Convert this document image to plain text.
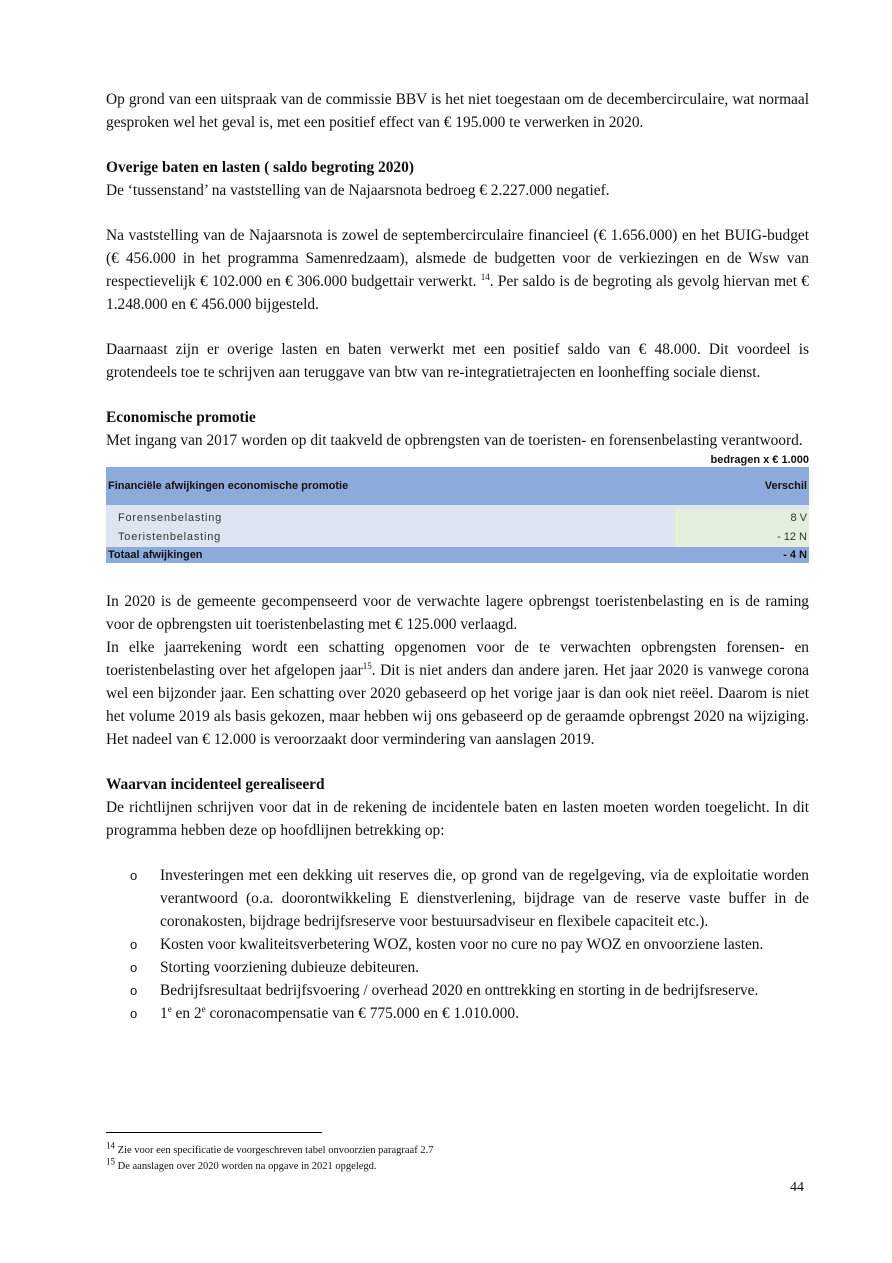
Op grond van een uitspraak van de commissie BBV is het niet toegestaan om de decembercirculaire, wat normaal gesproken wel het geval is, met een positief effect van € 195.000 te verwerken in 2020.

Overige baten en lasten ( saldo begroting 2020)

De ‘tussenstand’ na vaststelling van de Najaarsnota bedroeg € 2.227.000 negatief.

Na vaststelling van de Najaarsnota is zowel de septembercirculaire financieel (€ 1.656.000) en het BUIG-budget (€ 456.000 in het programma Samenredzaam), alsmede de budgetten voor de verkiezingen en de Wsw van respectievelijk € 102.000 en € 306.000 budgettair verwerkt. $^{14}$. Per saldo is de begroting als gevolg hiervan met € 1.248.000 en € 456.000 bijgesteld.

Daarnaast zijn er overige lasten en baten verwerkt met een positief saldo van € 48.000. Dit voordeel is grotendeels toe te schrijven aan teruggave van btw van re-integratietrajecten en loonheffing sociale dienst.

Economische promotie

Met ingang van 2017 worden op dit taakveld de opbrengsten van de toeristen- en forensenbelasting verantwoord.

bedragen x € 1.000
Financiële afwijkingen economische promotie	Verschil

Forensenbelasting	8 V
Toeristenbelasting	- 12 N
Totaal afwijkingen	- 4 N

In 2020 is de gemeente gecompenseerd voor de verwachte lagere opbrengst toeristenbelasting en is de raming voor de opbrengsten uit toeristenbelasting met € 125.000 verlaagd.

In elke jaarrekening wordt een schatting opgenomen voor de te verwachten opbrengsten forensen- en toeristenbelasting over het afgelopen jaar$^{15}$. Dit is niet anders dan andere jaren. Het jaar 2020 is vanwege corona wel een bijzonder jaar. Een schatting over 2020 gebaseerd op het vorige jaar is dan ook niet reëel. Daarom is niet het volume 2019 als basis gekozen, maar hebben wij ons gebaseerd op de geraamde opbrengst 2020 na wijziging. Het nadeel van € 12.000 is veroorzaakt door vermindering van aanslagen 2019.

Waarvan incidenteel gerealiseerd

De richtlijnen schrijven voor dat in de rekening de incidentele baten en lasten moeten worden toegelicht. In dit programma hebben deze op hoofdlijnen betrekking op:

o Investeringen met een dekking uit reserves die, op grond van de regelgeving, via de exploitatie worden verantwoord (o.a. doorontwikkeling E dienstverlening, bijdrage van de reserve vaste buffer in de coronakosten, bijdrage bedrijfsreserve voor bestuursadviseur en flexibele capaciteit etc.).
o Kosten voor kwaliteitsverbetering WOZ, kosten voor no cure no pay WOZ en onvoorziene lasten.
o Storting voorziening dubieuze debiteuren.
o Bedrijfsresultaat bedrijfsvoering / overhead 2020 en onttrekking en storting in de bedrijfsreserve.
o 1e en 2e coronacompensatie van € 775.000 en € 1.010.000.
$^{14}$ Zie voor een specificatie de voorgeschreven tabel onvoorzien paragraaf 2.7
$^{15}$ De aanslagen over 2020 worden na opgave in 2021 opgelegd.
44
